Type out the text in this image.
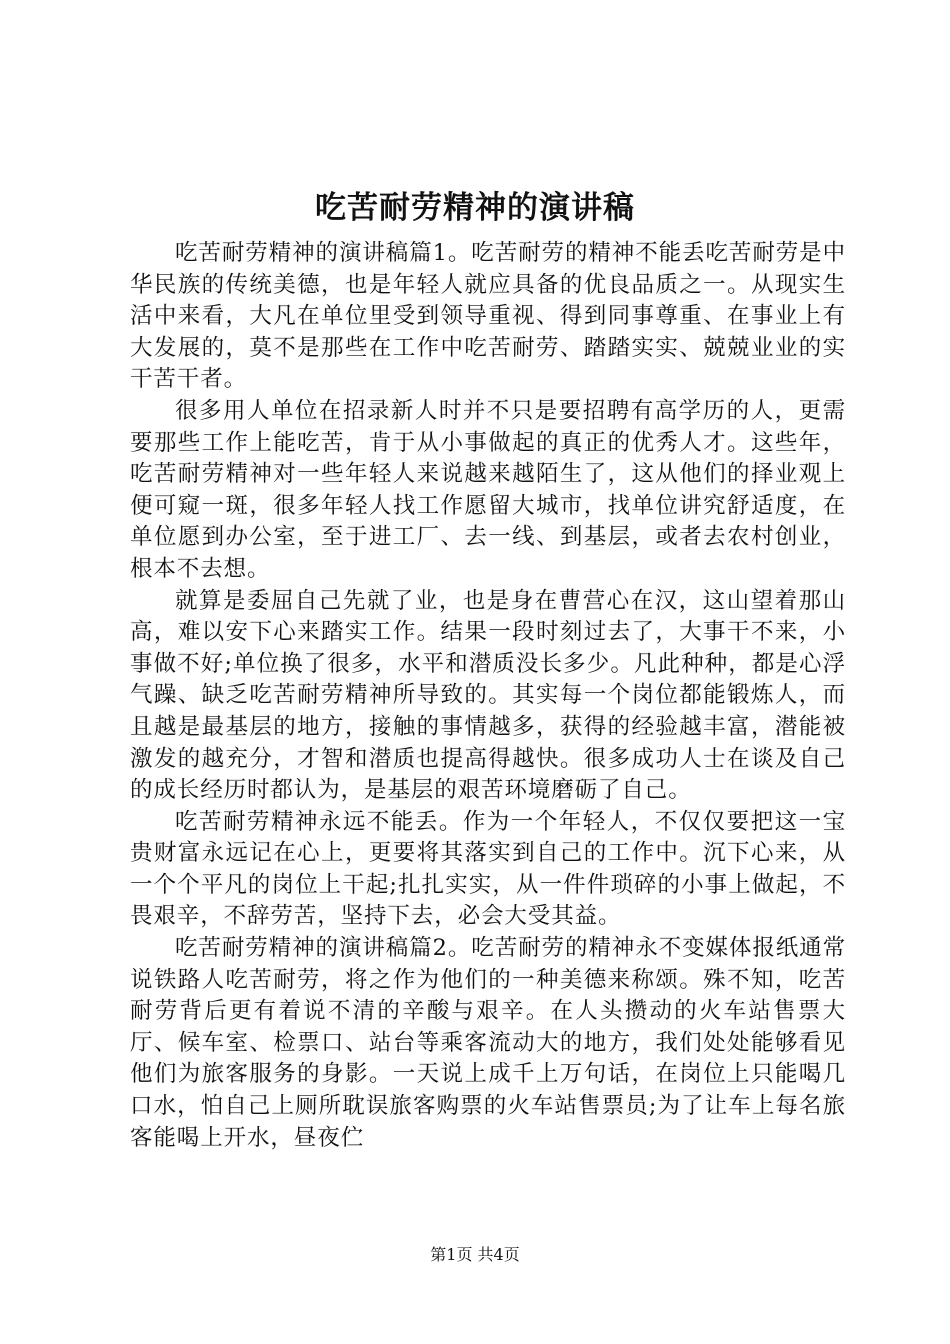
吃苦耐劳精神的演讲稿

吃苦耐劳精神的演讲稿篇1。吃苦耐劳的精神不能丢吃苦耐劳是中华民族的传统美德，也是年轻人就应具备的优良品质之一。从现实生活中来看，大凡在单位里受到领导重视、得到同事尊重、在事业上有大发展的，莫不是那些在工作中吃苦耐劳、踏踏实实、兢兢业业的实干苦干者。

很多用人单位在招录新人时并不只是要招聘有高学历的人，更需要那些工作上能吃苦，肯于从小事做起的真正的优秀人才。这些年，吃苦耐劳精神对一些年轻人来说越来越陌生了，这从他们的择业观上便可窥一斑，很多年轻人找工作愿留大城市，找单位讲究舒适度，在单位愿到办公室，至于进工厂、去一线、到基层，或者去农村创业，根本不去想。

就算是委屈自己先就了业，也是身在曹营心在汉，这山望着那山高，难以安下心来踏实工作。结果一段时刻过去了，大事干不来，小事做不好;单位换了很多，水平和潜质没长多少。凡此种种，都是心浮气躁、缺乏吃苦耐劳精神所导致的。其实每一个岗位都能锻炼人，而且越是最基层的地方，接触的事情越多，获得的经验越丰富，潜能被激发的越充分，才智和潜质也提高得越快。很多成功人士在谈及自己的成长经历时都认为，是基层的艰苦环境磨砺了自己。

吃苦耐劳精神永远不能丢。作为一个年轻人，不仅仅要把这一宝贵财富永远记在心上，更要将其落实到自己的工作中。沉下心来，从一个个平凡的岗位上干起;扎扎实实，从一件件琐碎的小事上做起，不畏艰辛，不辞劳苦，坚持下去，必会大受其益。

吃苦耐劳精神的演讲稿篇2。吃苦耐劳的精神永不变媒体报纸通常说铁路人吃苦耐劳，将之作为他们的一种美德来称颂。殊不知，吃苦耐劳背后更有着说不清的辛酸与艰辛。在人头攒动的火车站售票大厅、候车室、检票口、站台等乘客流动大的地方，我们处处能够看见他们为旅客服务的身影。一天说上成千上万句话，在岗位上只能喝几口水，怕自己上厕所耽误旅客购票的火车站售票员;为了让车上每名旅客能喝上开水，昼夜伫

第1页 共4页
